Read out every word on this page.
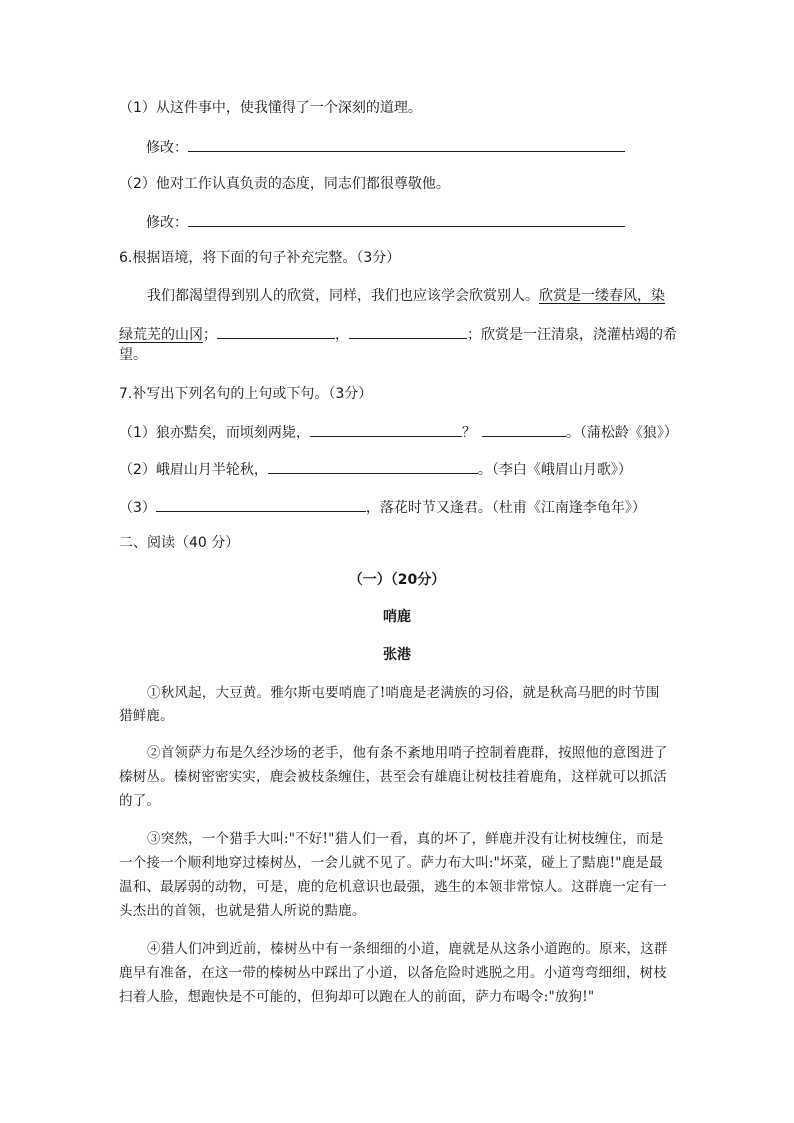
（1）从这件事中，使我懂得了一个深刻的道理。
修改：
（2）他对工作认真负责的态度，同志们都很尊敬他。
修改：
6.根据语境，将下面的句子补充完整。（3分）
我们都渴望得到别人的欣赏，同样，我们也应该学会欣赏别人。欣赏是一缕春风，染
绿荒芜的山冈；	，	；欣赏是一汪清泉，浇灌枯竭的希
望。
7.补写出下列名句的上句或下句。（3分）
（1）狼亦黠矣，而顷刻两毙，	？	。（蒲松龄《狼》）
（2）峨眉山月半轮秋，	。（李白《峨眉山月歌》）
（3）	，落花时节又逢君。（杜甫《江南逢李龟年》）
二、阅读（40 分）
（一）（20分）
哨鹿
张港
①秋风起，大豆黄。雅尔斯屯要哨鹿了!哨鹿是老满族的习俗，就是秋高马肥的时节围
猎鲜鹿。
②首领萨力布是久经沙场的老手，他有条不紊地用哨子控制着鹿群，按照他的意图进了
榛树丛。榛树密密实实，鹿会被枝条缠住，甚至会有雄鹿让树枝挂着鹿角，这样就可以抓活
的了。
③突然，一个猎手大叫:"不好!"猎人们一看，真的坏了，鲜鹿并没有让树枝缠住，而是
一个接一个顺利地穿过榛树丛，一会儿就不见了。萨力布大叫:"坏菜，碰上了黠鹿!"鹿是最
温和、最孱弱的动物，可是，鹿的危机意识也最强，逃生的本领非常惊人。这群鹿一定有一
头杰出的首领，也就是猎人所说的黠鹿。
④猎人们冲到近前，榛树丛中有一条细细的小道，鹿就是从这条小道跑的。原来，这群
鹿早有准备，在这一带的榛树丛中踩出了小道，以备危险时逃脱之用。小道弯弯细细，树枝
扫着人脸，想跑快是不可能的，但狗却可以跑在人的前面，萨力布喝令:"放狗!"
